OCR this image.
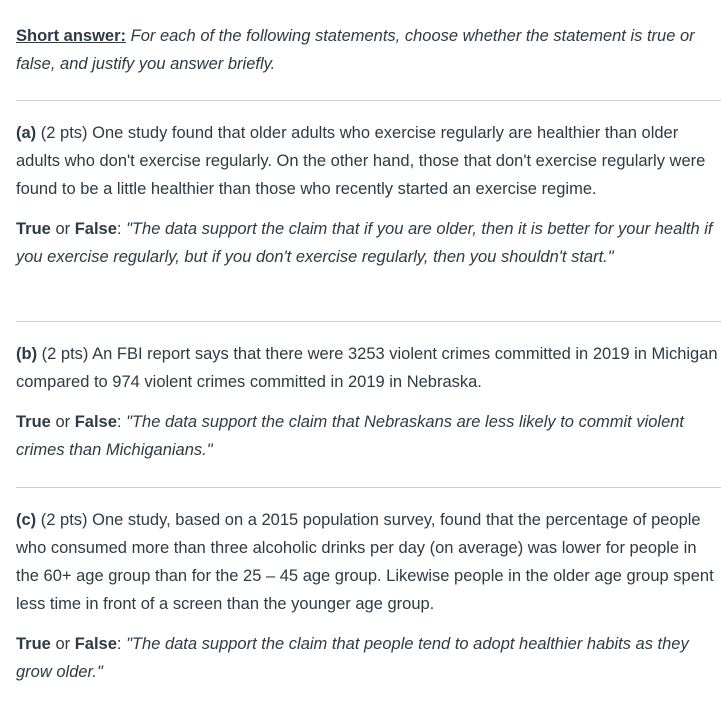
Short answer: For each of the following statements, choose whether the statement is true or false, and justify you answer briefly.

(a) (2 pts) One study found that older adults who exercise regularly are healthier than older adults who don't exercise regularly. On the other hand, those that don't exercise regularly were found to be a little healthier than those who recently started an exercise regime.

True or False: "The data support the claim that if you are older, then it is better for your health if you exercise regularly, but if you don't exercise regularly, then you shouldn't start."

(b) (2 pts) An FBI report says that there were 3253 violent crimes committed in 2019 in Michigan compared to 974 violent crimes committed in 2019 in Nebraska.

True or False: "The data support the claim that Nebraskans are less likely to commit violent crimes than Michiganians."

(c) (2 pts) One study, based on a 2015 population survey, found that the percentage of people who consumed more than three alcoholic drinks per day (on average) was lower for people in the 60+ age group than for the 25 – 45 age group. Likewise people in the older age group spent less time in front of a screen than the younger age group.

True or False: "The data support the claim that people tend to adopt healthier habits as they grow older."
